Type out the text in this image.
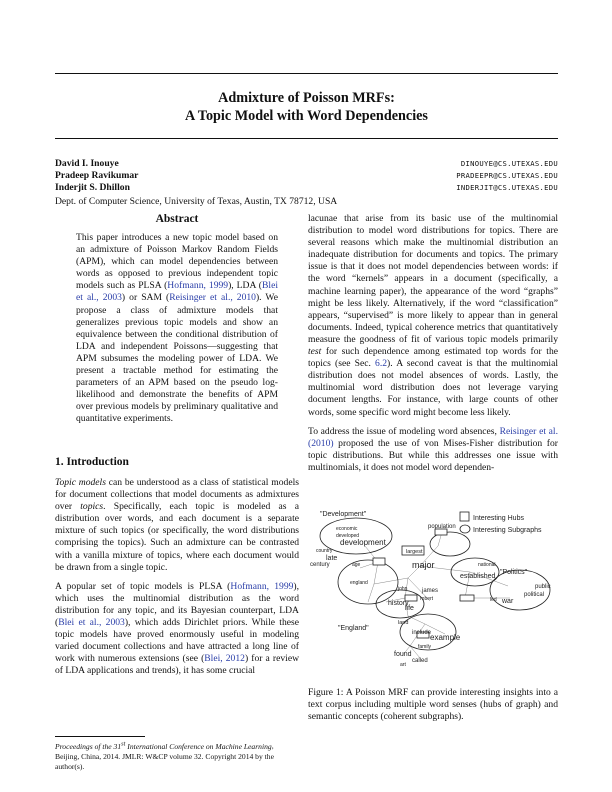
Admixture of Poisson MRFs:
A Topic Model with Word Dependencies
David I. Inouye	DINOUYE@CS.UTEXAS.EDU
Pradeep Ravikumar	PRADEEPR@CS.UTEXAS.EDU
Inderjit S. Dhillon	INDERJIT@CS.UTEXAS.EDU
Dept. of Computer Science, University of Texas, Austin, TX 78712, USA
Abstract

This paper introduces a new topic model based on an admixture of Poisson Markov Random Fields (APM), which can model dependencies between words as opposed to previous independent topic models such as PLSA (Hofmann, 1999), LDA (Blei et al., 2003) or SAM (Reisinger et al., 2010). We propose a class of admixture models that generalizes previous topic models and show an equivalence between the conditional distribution of LDA and independent Poissons—suggesting that APM subsumes the modeling power of LDA. We present a tractable method for estimating the parameters of an APM based on the pseudo log-likelihood and demonstrate the benefits of APM over previous models by preliminary qualitative and quantitative experiments.

1. Introduction

Topic models can be understood as a class of statistical models for document collections that model documents as admixtures over topics. Specifically, each topic is modeled as a distribution over words, and each document is a separate mixture of such topics (or specifically, the word distributions comprising the topics). Such an admixture can be contrasted with a vanilla mixture of topics, where each document would be drawn from a single topic.

A popular set of topic models is PLSA (Hofmann, 1999), which uses the multinomial distribution as the word distribution for any topic, and its Bayesian counterpart, LDA (Blei et al., 2003), which adds Dirichlet priors. While these topic models have proved enormously useful in modeling varied document collections and have attracted a long line of work with numerous extensions (see (Blei, 2012) for a review of LDA applications and trends), it has some crucial

Proceedings of the 31st International Conference on Machine Learning, Beijing, China, 2014. JMLR: W&CP volume 32. Copyright 2014 by the author(s).

lacunae that arise from its basic use of the multinomial distribution to model word distributions for topics. There are several reasons which make the multinomial distribution an inadequate distribution for documents and topics. The primary issue is that it does not model dependencies between words: if the word “kernels” appears in a document (specifically, a machine learning paper), the appearance of the word “graphs” might be less likely. Alternatively, if the word “classification” appears, “supervised” is more likely to appear than in general documents. Indeed, typical coherence metrics that quantitatively measure the goodness of fit of various topic models primarily test for such dependence among estimated top words for the topics (see Sec. 6.2). A second caveat is that the multinomial distribution does not model absences of words. Lastly, the multinomial word distribution does not leverage varying document lengths. For instance, with large counts of other words, some specific word might become less likely.

To address the issue of modeling word absences, Reisinger et al. (2010) proposed the use of von Mises-Fisher distribution for topic distributions. But while this addresses one issue with multinomials, it does not model word dependen-

Interesting Hubs
Interesting Subgraphs
"Development"
"England"
"Politics"
economic
developed
development
country
late
century	age
england
largest
major
population
national
established
public
political
war
led
john james
robert
history
life
land
include
example
family
found
called
art
Figure 1: A Poisson MRF can provide interesting insights into a text corpus including multiple word senses (hubs of graph) and semantic concepts (coherent subgraphs).
